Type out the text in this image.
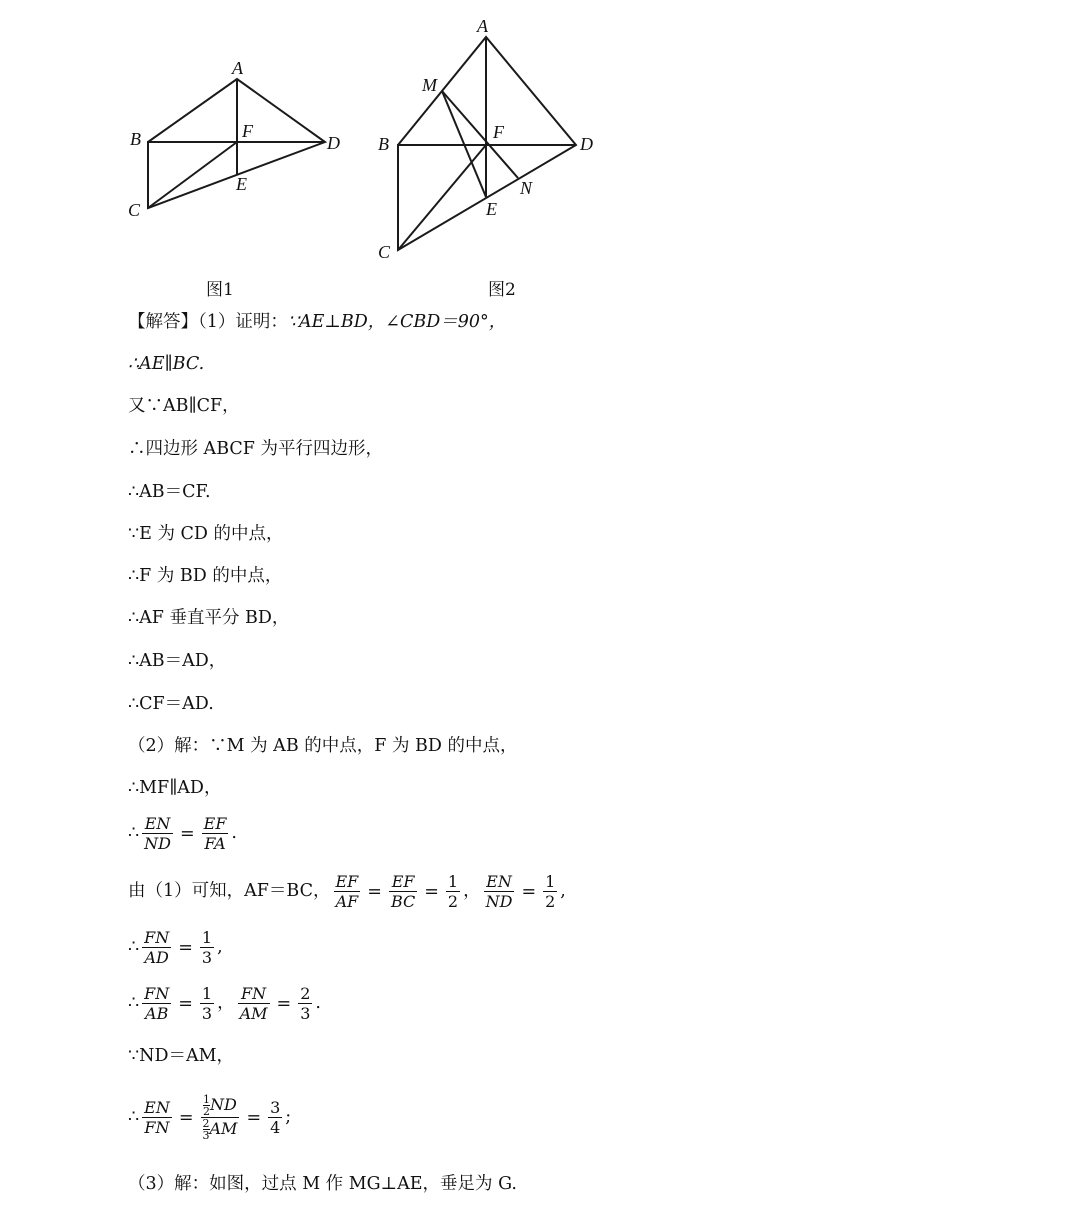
A
B
C
D
E
F
图1
A
B
C
D
E
F
M
N
图2
【解答】（1）证明：∵AE⊥BD，∠CBD＝90°，
∴AE∥BC.
又∵AB∥CF，
∴四边形 ABCF 为平行四边形，
∴AB＝CF.
∵E 为 CD 的中点，
∴F 为 BD 的中点，
∴AF 垂直平分 BD，
∴AB＝AD，
∴CF＝AD.
（2）解：∵M 为 AB 的中点，F 为 BD 的中点，
∴MF∥AD，
∴ $\frac{EN}{ND} = \frac{EF}{FA}$ .
由（1）可知，AF＝BC， $\frac{EF}{AF} = \frac{EF}{BC} = \frac{1}{2}$ ， $\frac{EN}{ND} = \frac{1}{2}$ ,
∴ $\frac{FN}{AD} = \frac{1}{3}$ ,
∴ $\frac{FN}{AB} = \frac{1}{3}$ ， $\frac{FN}{AM} = \frac{2}{3}$ .
∵ND＝AM，
∴ $\frac{EN}{FN} = \frac{\frac{1}{2} ND}{\frac{2}{3} AM} = \frac{3}{4}$ ;
（3）解：如图，过点 M 作 MG⊥AE，垂足为 G.
